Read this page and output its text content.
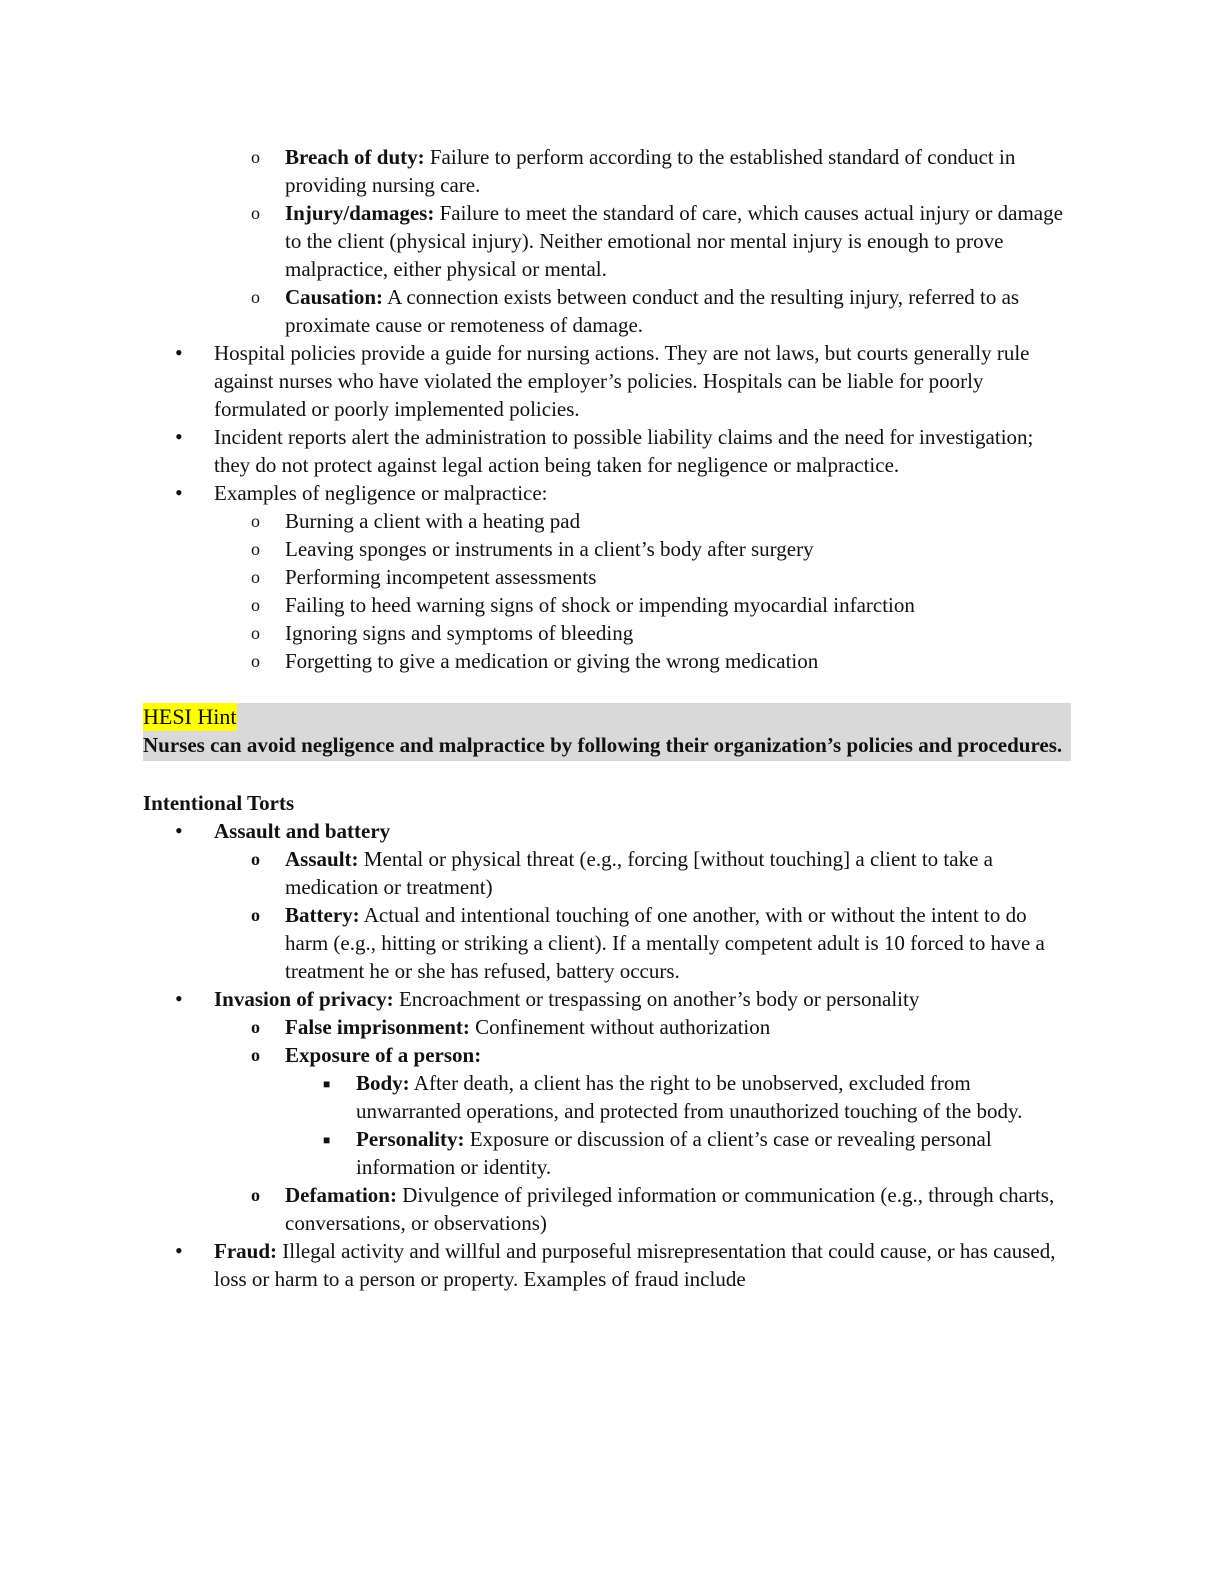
o Breach of duty: Failure to perform according to the established standard of conduct in providing nursing care.
o Injury/damages: Failure to meet the standard of care, which causes actual injury or damage to the client (physical injury). Neither emotional nor mental injury is enough to prove malpractice, either physical or mental.
o Causation: A connection exists between conduct and the resulting injury, referred to as proximate cause or remoteness of damage.
• Hospital policies provide a guide for nursing actions. They are not laws, but courts generally rule against nurses who have violated the employer’s policies. Hospitals can be liable for poorly formulated or poorly implemented policies.
• Incident reports alert the administration to possible liability claims and the need for investigation; they do not protect against legal action being taken for negligence or malpractice.
• Examples of negligence or malpractice:
o Burning a client with a heating pad
o Leaving sponges or instruments in a client’s body after surgery
o Performing incompetent assessments
o Failing to heed warning signs of shock or impending myocardial infarction
o Ignoring signs and symptoms of bleeding
o Forgetting to give a medication or giving the wrong medication
HESI Hint
Nurses can avoid negligence and malpractice by following their organization’s policies and procedures.
Intentional Torts
• Assault and battery
o Assault: Mental or physical threat (e.g., forcing [without touching] a client to take a medication or treatment)
o Battery: Actual and intentional touching of one another, with or without the intent to do harm (e.g., hitting or striking a client). If a mentally competent adult is 10 forced to have a treatment he or she has refused, battery occurs.
• Invasion of privacy: Encroachment or trespassing on another’s body or personality
o False imprisonment: Confinement without authorization
o Exposure of a person:
■ Body: After death, a client has the right to be unobserved, excluded from unwarranted operations, and protected from unauthorized touching of the body.
■ Personality: Exposure or discussion of a client’s case or revealing personal information or identity.
o Defamation: Divulgence of privileged information or communication (e.g., through charts, conversations, or observations)
• Fraud: Illegal activity and willful and purposeful misrepresentation that could cause, or has caused, loss or harm to a person or property. Examples of fraud include
